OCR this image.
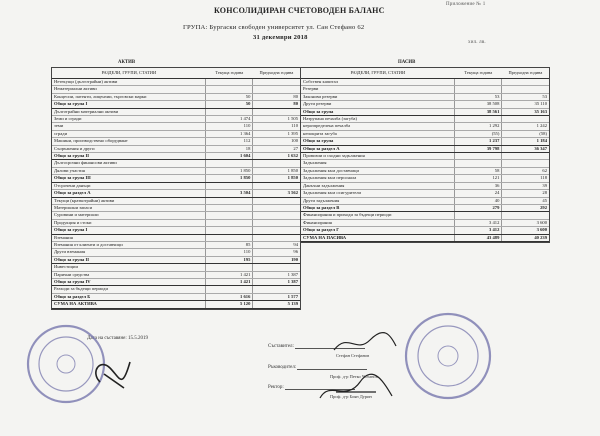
Приложение № 1
КОНСОЛИДИРАН СЧЕТОВОДЕН БАЛАНС
ГРУПА: Бургаски свободен университет ул. Сан Стефано 62
31 декември 2018
хил. лв.
АКТИВ	ПАСИВ
РАЗДЕЛИ, ГРУПИ, СТАТИИ	Текуща година	Предходна година
Нетекущи (дълготрайни) активи		
Нематериални активи		
Концесии, патенти, лицензии, търговски марки	50	80
Общо за група I	50	80
Дълготрайни материални активи		
Земи и сгради	1 474	1 505
земи	110	110
сгради	1 364	1 395
Машини, производствено оборудване	112	100
Съоръжения и други	18	27
Общо за група II	1 604	1 632
Дългосрочни финансови активи		
Дялови участия	1 850	1 850
Общо за група III	1 850	1 850
Отсрочени данъци		
Общо за раздел А	3 504	3 562
Текущи (краткотрайни) активи		
Материални запаси		
Суровини и материали		
Продукция и стоки		
Общо за група I		
Вземания		
Вземания от клиенти и доставчици	85	94
Други вземания	110	96
Общо за група II	195	190
Инвестиции		
Парични средства	1 421	1 387
Общо за група IV	1 421	1 387
Разходи за бъдещи периоди		
Общо за раздел Б	1 616	1 577
СУМА НА АКТИВА	5 120	5 139
РАЗДЕЛИ, ГРУПИ, СТАТИИ	Текуща година	Предходна година
Собствен капитал		
Резерви		
Законови резерви	53	53
Други резерви	38 508	35 110
Общо за група	38 561	35 163
Натрупана печалба (загуба)		
неразпределена печалба	1 292	1 242
непокрита загуба	(55)	(58)
Общо за група	1 237	1 184
Общо за раздел А	39 798	36 347
Провизии и сходни задължения		
Задължения		
Задължения към доставчици	58	62
Задължения към персонала	121	118
Данъчни задължения	36	39
Задължения към осигурители	24	28
Други задължения	40	45
Общо за раздел В	279	292
Финансирания и приходи за бъдещи периоди		
Финансирания	3 412	3 600
Общо за раздел Г	3 412	3 600
СУМА НА ПАСИВА	43 489	40 239
Дата на съставяне: 15.5.2019
Съставител:
Стефан Стефанов
Ръководител:
Проф. д-р Петко Чобанов
Ректор:
Проф. д-р Боян Дурин
